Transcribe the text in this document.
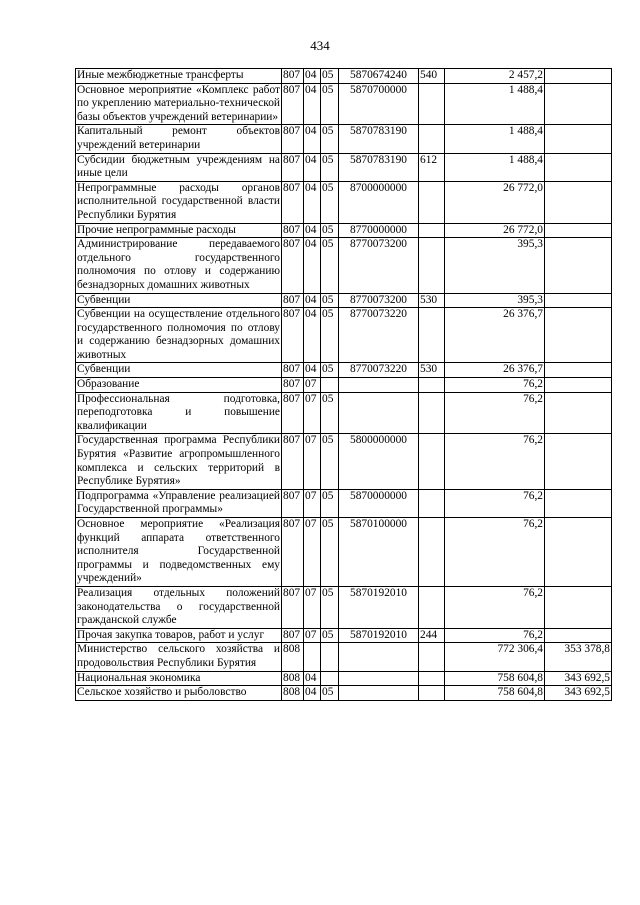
434
Иные межбюджетные трансферты	807	04	05	5870674240	540	2 457,2	
Основное мероприятие «Комплекс работ по укреплению материально-технической базы объектов учреждений ветеринарии»	807	04	05	5870700000		1 488,4	
Капитальный ремонт объектов учреждений ветеринарии	807	04	05	5870783190		1 488,4	
Субсидии бюджетным учреждениям на иные цели	807	04	05	5870783190	612	1 488,4	
Непрограммные расходы органов исполнительной государственной власти Республики Бурятия	807	04	05	8700000000		26 772,0	
Прочие непрограммные расходы	807	04	05	8770000000		26 772,0	
Администрирование передаваемого отдельного государственного полномочия по отлову и содержанию безнадзорных домашних животных	807	04	05	8770073200		395,3	
Субвенции	807	04	05	8770073200	530	395,3	
Субвенции на осуществление отдельного государственного полномочия по отлову и содержанию безнадзорных домашних животных	807	04	05	8770073220		26 376,7	
Субвенции	807	04	05	8770073220	530	26 376,7	
Образование	807	07				76,2	
Профессиональная подготовка, переподготовка и повышение квалификации	807	07	05			76,2	
Государственная программа Республики Бурятия «Развитие агропромышленного комплекса и сельских территорий в Республике Бурятия»	807	07	05	5800000000		76,2	
Подпрограмма «Управление реализацией Государственной программы»	807	07	05	5870000000		76,2	
Основное мероприятие «Реализация функций аппарата ответственного исполнителя Государственной программы и подведомственных ему учреждений»	807	07	05	5870100000		76,2	
Реализация отдельных положений законодательства о государственной гражданской службе	807	07	05	5870192010		76,2	
Прочая закупка товаров, работ и услуг	807	07	05	5870192010	244	76,2	
Министерство сельского хозяйства и продовольствия Республики Бурятия	808					772 306,4	353 378,8
Национальная экономика	808	04				758 604,8	343 692,5
Сельское хозяйство и рыболовство	808	04	05			758 604,8	343 692,5
